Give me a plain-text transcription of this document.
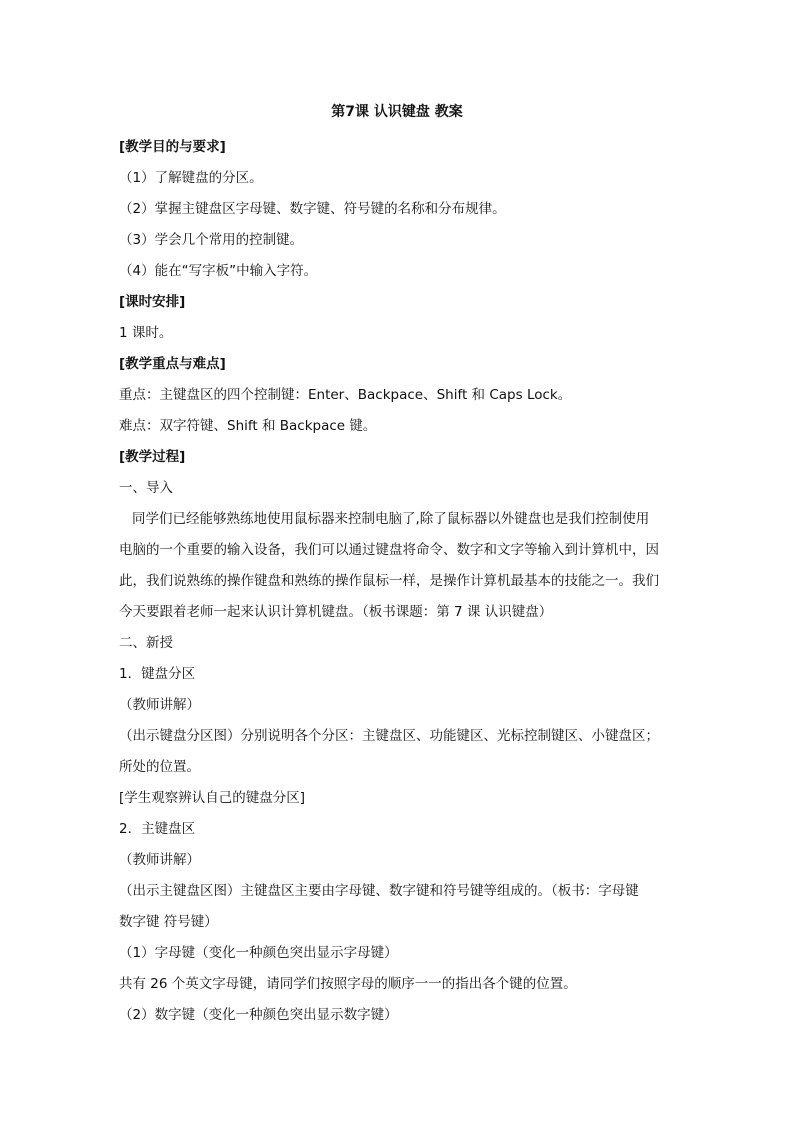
第7课 认识键盘 教案
[教学目的与要求]
（1）了解键盘的分区。
（2）掌握主键盘区字母键、数字键、符号键的名称和分布规律。
（3）学会几个常用的控制键。
（4）能在“写字板”中输入字符。
[课时安排]
1 课时。
[教学重点与难点]
重点：主键盘区的四个控制键：Enter、Backpace、Shift 和 Caps Lock。
难点：双字符键、Shift 和 Backpace 键。
[教学过程]
一、导入
同学们已经能够熟练地使用鼠标器来控制电脑了,除了鼠标器以外键盘也是我们控制使用
电脑的一个重要的输入设备，我们可以通过键盘将命令、数字和文字等输入到计算机中，因
此，我们说熟练的操作键盘和熟练的操作鼠标一样，是操作计算机最基本的技能之一。我们
今天要跟着老师一起来认识计算机键盘。（板书课题：第 7 课 认识键盘）
二、新授
1．键盘分区
（教师讲解）
（出示键盘分区图）分别说明各个分区：主键盘区、功能键区、光标控制键区、小键盘区；
所处的位置。
[学生观察辨认自己的键盘分区]
2．主键盘区
（教师讲解）
（出示主键盘区图）主键盘区主要由字母键、数字键和符号键等组成的。（板书：字母键
数字键 符号键）
（1）字母键（变化一种颜色突出显示字母键）
共有 26 个英文字母键，请同学们按照字母的顺序一一的指出各个键的位置。
（2）数字键（变化一种颜色突出显示数字键）
